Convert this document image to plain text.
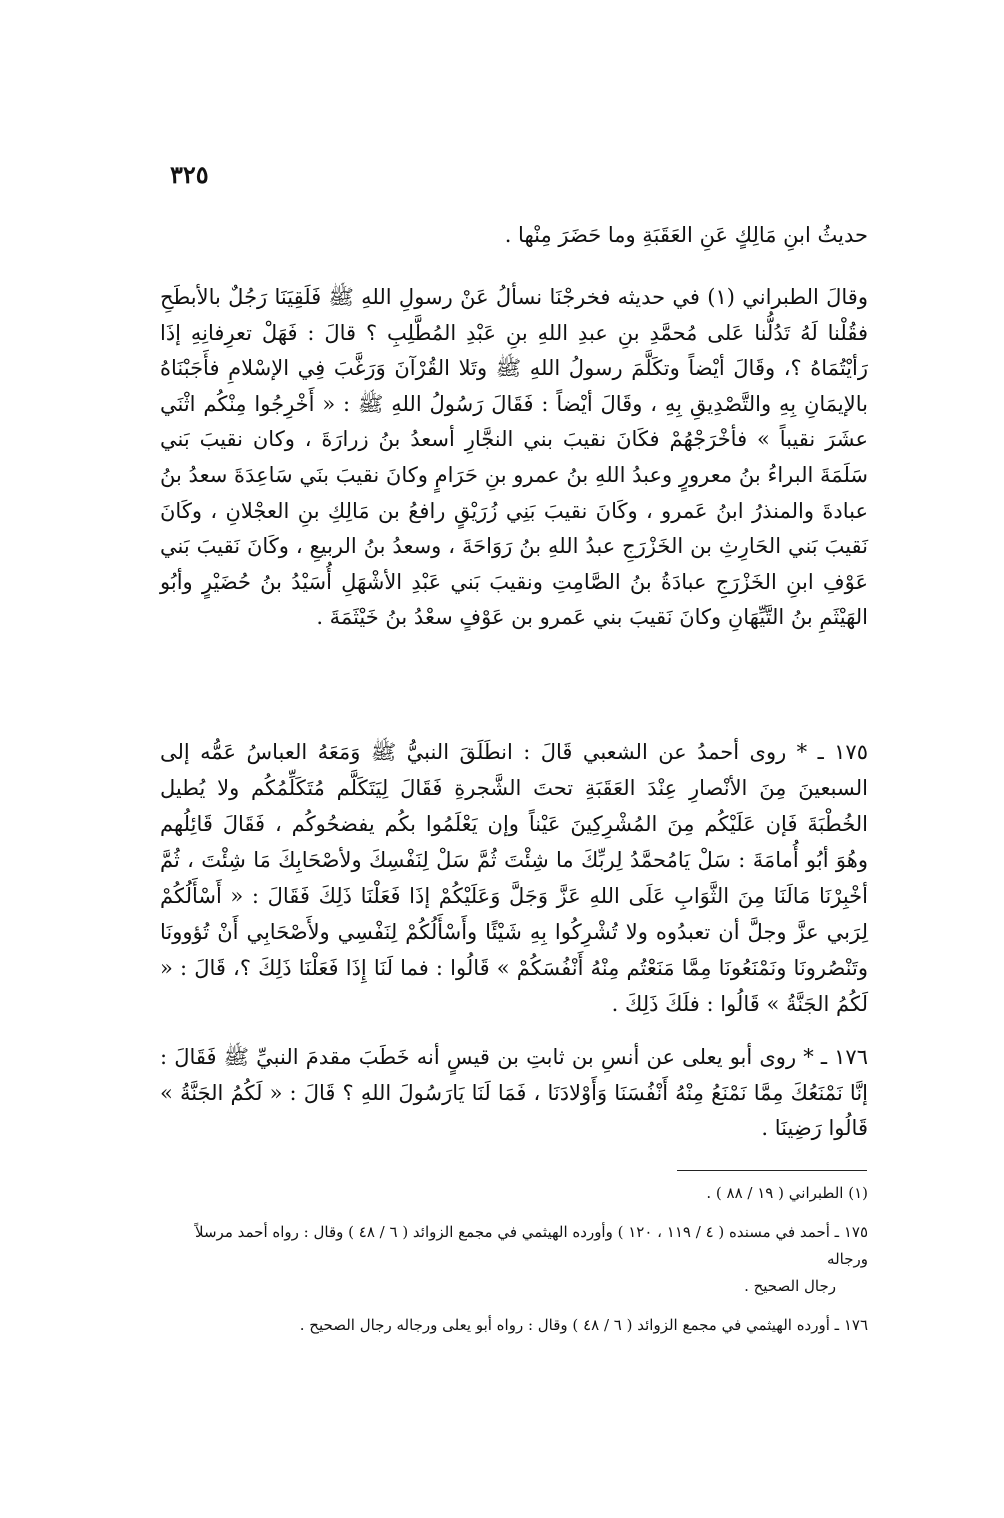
٣٢٥

حديثُ ابنِ مَالِكٍ عَنِ العَقَبَةِ وما حَضَرَ مِنْها .

وقالَ الطبراني (١) في حديثه فخرجْنَا نسألُ عَنْ رسولِ اللهِ ﷺ فَلَقِيَنَا رَجُلٌ بالأبطَحِ فقُلْنا لَهُ تَدُلُّنا عَلى مُحمَّدِ بنِ عبدِ اللهِ بنِ عَبْدِ المُطَّلِبِ ؟ قالَ : فَهَلْ تعرِفانِهِ إذَا رَأيْتُمَاهُ ؟، وقَالَ أيْضاً وتكَلَّمَ رسولُ اللهِ ﷺ وتَلا القُرْآنَ وَرَغَّبَ فِي الإسْلامِ فأَجَبْنَاهُ بالإيمَانِ بِهِ والتَّصْدِيقِ بِهِ ، وقَالَ أيْضاً : فَقَالَ رَسُولُ اللهِ ﷺ : « أَخْرِجُوا مِنْكُم اثْنَي عشَرَ نقيباً » فأخْرَجْهُمْ فكَانَ نقيبَ بني النجَّارِ أسعدُ بنُ زرارَةَ ، وكان نقيبَ بَني سَلَمَةَ البراءُ بنُ معرورٍ وعبدُ اللهِ بنُ عمرو بنِ حَرَامٍ وكانَ نقيبَ بنَي سَاعِدَةَ سعدُ بنُ عبادةَ والمنذرُ ابنُ عَمرو ، وكَانَ نقيبَ بَنِي زُرَيْقٍ رافعُ بن مَالِكِ بنِ العجْلانِ ، وكَانَ نَقيبَ بَني الحَارِثِ بن الخَزْرَجِ عبدُ اللهِ بنُ رَوَاحَةَ ، وسعدُ بنُ الربيعِ ، وكَانَ نَقيبَ بَني عَوْفِ ابنِ الخَزْرَجِ عبادَةُ بنُ الصَّامِتِ ونقيبَ بَني عَبْدِ الأشْهَلِ أُسَيْدُ بنُ حُضَيْرٍ وأبُو الهَيْثَمِ بنُ التَّيِّهَانِ وكانَ نَقيبَ بني عَمرو بن عَوْفٍ سعْدُ بنُ خَيْثَمَةَ .

١٧٥ ـ * روى أحمدُ عن الشعبي قَالَ : انطَلَقَ النبيُّ ﷺ وَمَعَهُ العباسُ عَمُّه إلى السبعينَ مِنَ الأنْصارِ عِنْدَ العَقَبَةِ تحتَ الشَّجرةِ فَقَالَ لِيَتَكَلَّم مُتَكَلِّمُكُم ولا يُطيل الخُطْبَةَ فَإن عَلَيْكُم مِنَ المُشْرِكِينَ عَيْناً وإن يَعْلَمُوا بكُم يفضحُوكُم ، فَقَالَ قَائِلُهم وهُوَ أبُو أُمامَةَ : سَلْ يَامُحمَّدُ لِربِّكَ ما شِئْتَ ثُمَّ سَلْ لِنَفْسِكَ ولأصْحَابِكَ مَا شِئْتَ ، ثُمَّ أخْبِرْنَا مَالَنَا مِنَ الثَّوَابِ عَلَى اللهِ عَزَّ وَجَلَّ وَعَلَيْكُمْ إذَا فَعَلْنَا ذَلِكَ فَقَالَ : « أَسْأَلُكُمْ لِرَبي عزَّ وجلَّ أن تعبدُوه ولا تُشْرِكُوا بِهِ شَيْئًا وأَسْأَلُكُمْ لِنَفْسِي ولأَصْحَابِي أَنْ تُؤوونَا وتَنْصُرونَا ونَمْنَعُونَا مِمَّا مَنَعْتُم مِنْهُ أَنْفُسَكُمْ » قَالُوا : فما لَنَا إِذَا فَعَلْنَا ذَلِكَ ؟، قَالَ : « لَكُمُ الجَنَّةُ » قَالُوا : فلَكَ ذَلِكَ .

١٧٦ ـ * روى أبو يعلى عن أنسِ بن ثابتِ بن قيسٍ أنه خَطَبَ مقدمَ النبيِّ ﷺ فَقَالَ : إنَّا نَمْنَعُكَ مِمَّا نَمْنَعُ مِنْهُ أَنْفُسَنَا وَأَوْلادَنَا ، فَمَا لَنَا يَارَسُولَ اللهِ ؟ قَالَ : « لَكُمُ الجَنَّةُ » قَالُوا رَضِينَا .

(١) الطبراني ( ١٩ / ٨٨ ) .

١٧٥ ـ أحمد في مسنده ( ٤ / ١١٩ ، ١٢٠ ) وأورده الهيثمي في مجمع الزوائد ( ٦ / ٤٨ ) وقال : رواه أحمد مرسلاً ورجاله

رجال الصحيح .

١٧٦ ـ أورده الهيثمي في مجمع الزوائد ( ٦ / ٤٨ ) وقال : رواه أبو يعلى ورجاله رجال الصحيح .
